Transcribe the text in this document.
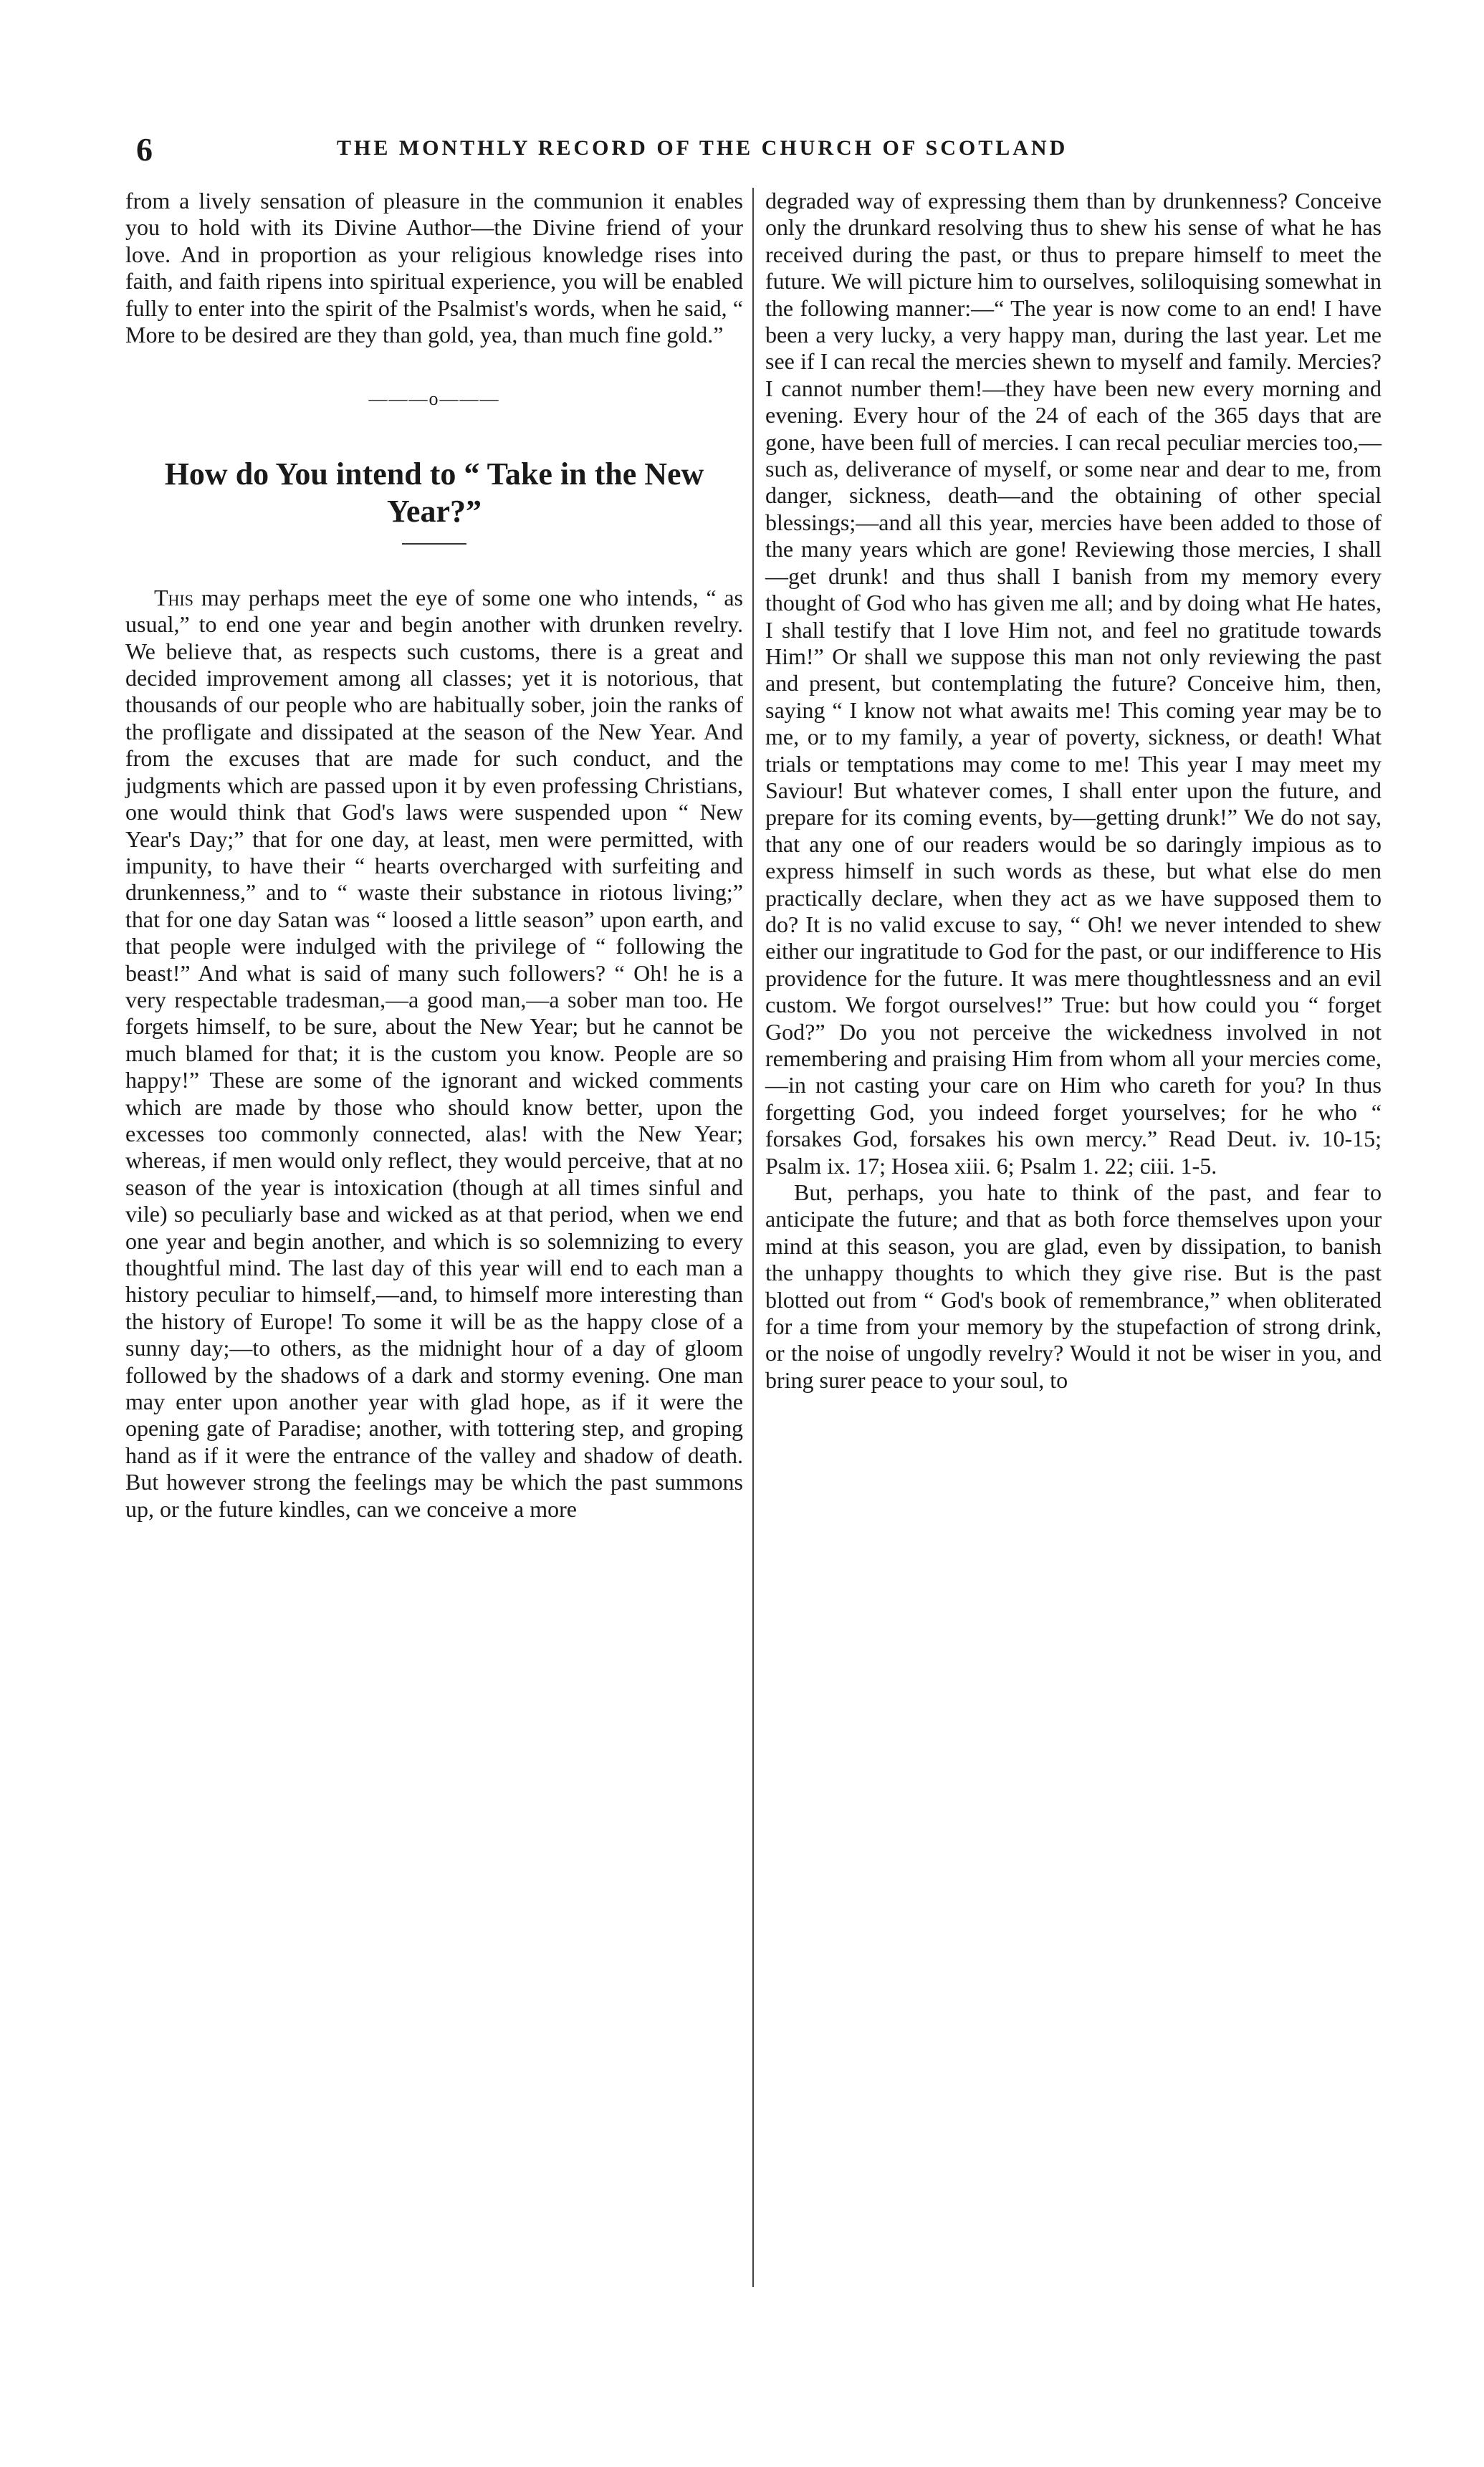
6	THE MONTHLY RECORD OF THE CHURCH OF SCOTLAND

from a lively sensation of pleasure in the communion it enables you to hold with its Divine Author—the Divine friend of your love. And in proportion as your religious knowledge rises into faith, and faith ripens into spiritual experience, you will be enabled fully to enter into the spirit of the Psalmist's words, when he said, “ More to be desired are they than gold, yea, than much fine gold.”

———o———
How do You intend to “ Take in the New Year?”

This may perhaps meet the eye of some one who intends, “ as usual,” to end one year and begin another with drunken revelry. We believe that, as respects such customs, there is a great and decided improvement among all classes; yet it is notorious, that thousands of our people who are habitually sober, join the ranks of the profligate and dissipated at the season of the New Year. And from the excuses that are made for such conduct, and the judgments which are passed upon it by even professing Christians, one would think that God's laws were suspended upon “ New Year's Day;” that for one day, at least, men were permitted, with impunity, to have their “ hearts overcharged with surfeiting and drunkenness,” and to “ waste their substance in riotous living;” that for one day Satan was “ loosed a little season” upon earth, and that people were indulged with the privilege of “ following the beast!” And what is said of many such followers? “ Oh! he is a very respectable tradesman,—a good man,—a sober man too. He forgets himself, to be sure, about the New Year; but he cannot be much blamed for that; it is the custom you know. People are so happy!” These are some of the ignorant and wicked comments which are made by those who should know better, upon the excesses too commonly connected, alas! with the New Year; whereas, if men would only reflect, they would perceive, that at no season of the year is intoxication (though at all times sinful and vile) so peculiarly base and wicked as at that period, when we end one year and begin another, and which is so solemnizing to every thoughtful mind. The last day of this year will end to each man a history peculiar to himself,—and, to himself more interesting than the history of Europe! To some it will be as the happy close of a sunny day;—to others, as the midnight hour of a day of gloom followed by the shadows of a dark and stormy evening. One man may enter upon another year with glad hope, as if it were the opening gate of Paradise; another, with tottering step, and groping hand as if it were the entrance of the valley and shadow of death. But however strong the feelings may be which the past summons up, or the future kindles, can we conceive a more

degraded way of expressing them than by drunkenness? Conceive only the drunkard resolving thus to shew his sense of what he has received during the past, or thus to prepare himself to meet the future. We will picture him to ourselves, soliloquising somewhat in the following manner:—“ The year is now come to an end! I have been a very lucky, a very happy man, during the last year. Let me see if I can recal the mercies shewn to myself and family. Mercies? I cannot number them!—they have been new every morning and evening. Every hour of the 24 of each of the 365 days that are gone, have been full of mercies. I can recal peculiar mercies too,—such as, deliverance of myself, or some near and dear to me, from danger, sickness, death—and the obtaining of other special blessings;—and all this year, mercies have been added to those of the many years which are gone! Reviewing those mercies, I shall—get drunk! and thus shall I banish from my memory every thought of God who has given me all; and by doing what He hates, I shall testify that I love Him not, and feel no gratitude towards Him!” Or shall we suppose this man not only reviewing the past and present, but contemplating the future? Conceive him, then, saying “ I know not what awaits me! This coming year may be to me, or to my family, a year of poverty, sickness, or death! What trials or temptations may come to me! This year I may meet my Saviour! But whatever comes, I shall enter upon the future, and prepare for its coming events, by—getting drunk!” We do not say, that any one of our readers would be so daringly impious as to express himself in such words as these, but what else do men practically declare, when they act as we have supposed them to do? It is no valid excuse to say, “ Oh! we never intended to shew either our ingratitude to God for the past, or our indifference to His providence for the future. It was mere thoughtlessness and an evil custom. We forgot ourselves!” True: but how could you “ forget God?” Do you not perceive the wickedness involved in not remembering and praising Him from whom all your mercies come,—in not casting your care on Him who careth for you? In thus forgetting God, you indeed forget yourselves; for he who “ forsakes God, forsakes his own mercy.” Read Deut. iv. 10-15; Psalm ix. 17; Hosea xiii. 6; Psalm 1. 22; ciii. 1-5.

But, perhaps, you hate to think of the past, and fear to anticipate the future; and that as both force themselves upon your mind at this season, you are glad, even by dissipation, to banish the unhappy thoughts to which they give rise. But is the past blotted out from “ God's book of remembrance,” when obliterated for a time from your memory by the stupefaction of strong drink, or the noise of ungodly revelry? Would it not be wiser in you, and bring surer peace to your soul, to
